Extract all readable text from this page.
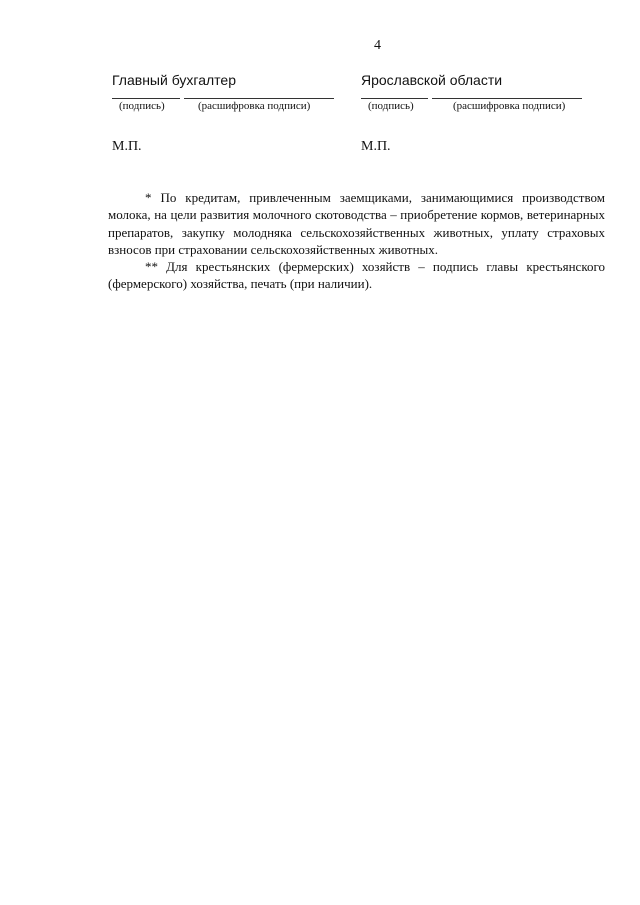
4
Главный бухгалтер
(подпись)	(расшифровка подписи)
М.П.
Ярославской области
(подпись)	(расшифровка подписи)
М.П.

* По кредитам, привлеченным заемщиками, занимающимися производством молока, на цели развития молочного скотоводства – приобретение кормов, ветеринарных препаратов, закупку молодняка сельскохозяйственных животных, уплату страховых взносов при страховании сельскохозяйственных животных.

** Для крестьянских (фермерских) хозяйств – подпись главы крестьянского (фермерского) хозяйства, печать (при наличии).
